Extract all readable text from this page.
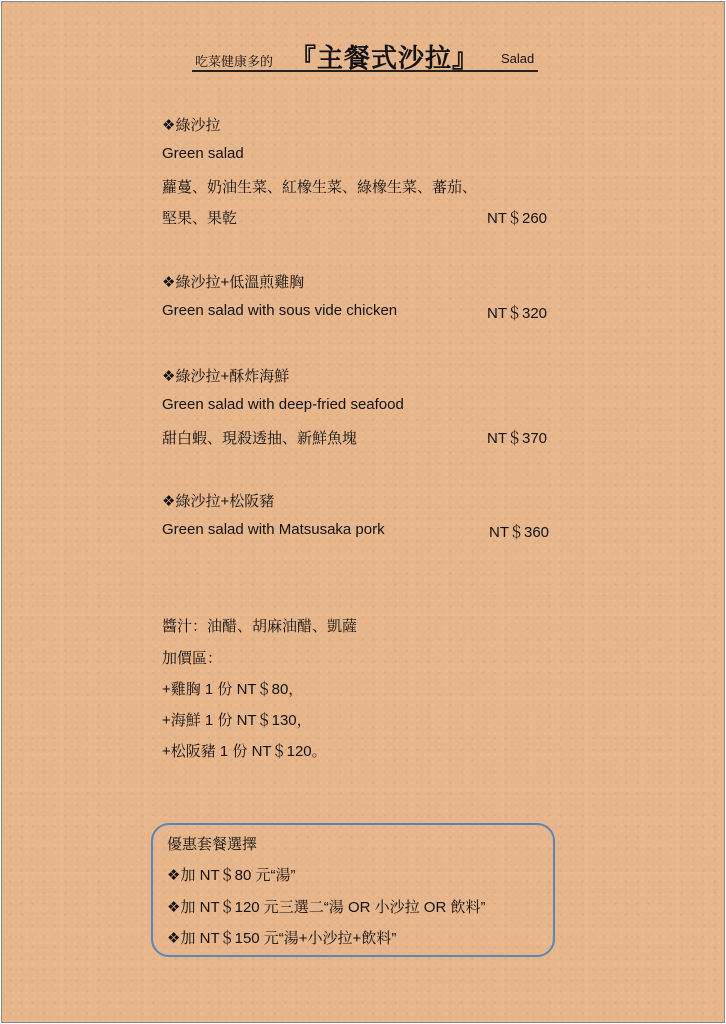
吃菜健康多的 『主餐式沙拉』 Salad
❖綠沙拉
Green salad
蘿蔓、奶油生菜、紅橡生菜、綠橡生菜、蕃茄、
堅果、果乾	NT＄260
❖綠沙拉+低溫煎雞胸
Green salad with sous vide chicken	NT＄320
❖綠沙拉+酥炸海鮮
Green salad with deep-fried seafood
甜白蝦、現殺透抽、新鮮魚塊	NT＄370
❖綠沙拉+松阪豬
Green salad with Matsusaka pork	NT＄360
醬汁：油醋、胡麻油醋、凱薩
加價區：
+雞胸 1 份 NT＄80，
+海鮮 1 份 NT＄130，
+松阪豬 1 份 NT＄120。
優惠套餐選擇
❖加 NT＄80 元“湯”
❖加 NT＄120 元三選二“湯 OR 小沙拉 OR 飲料”
❖加 NT＄150 元“湯+小沙拉+飲料”
